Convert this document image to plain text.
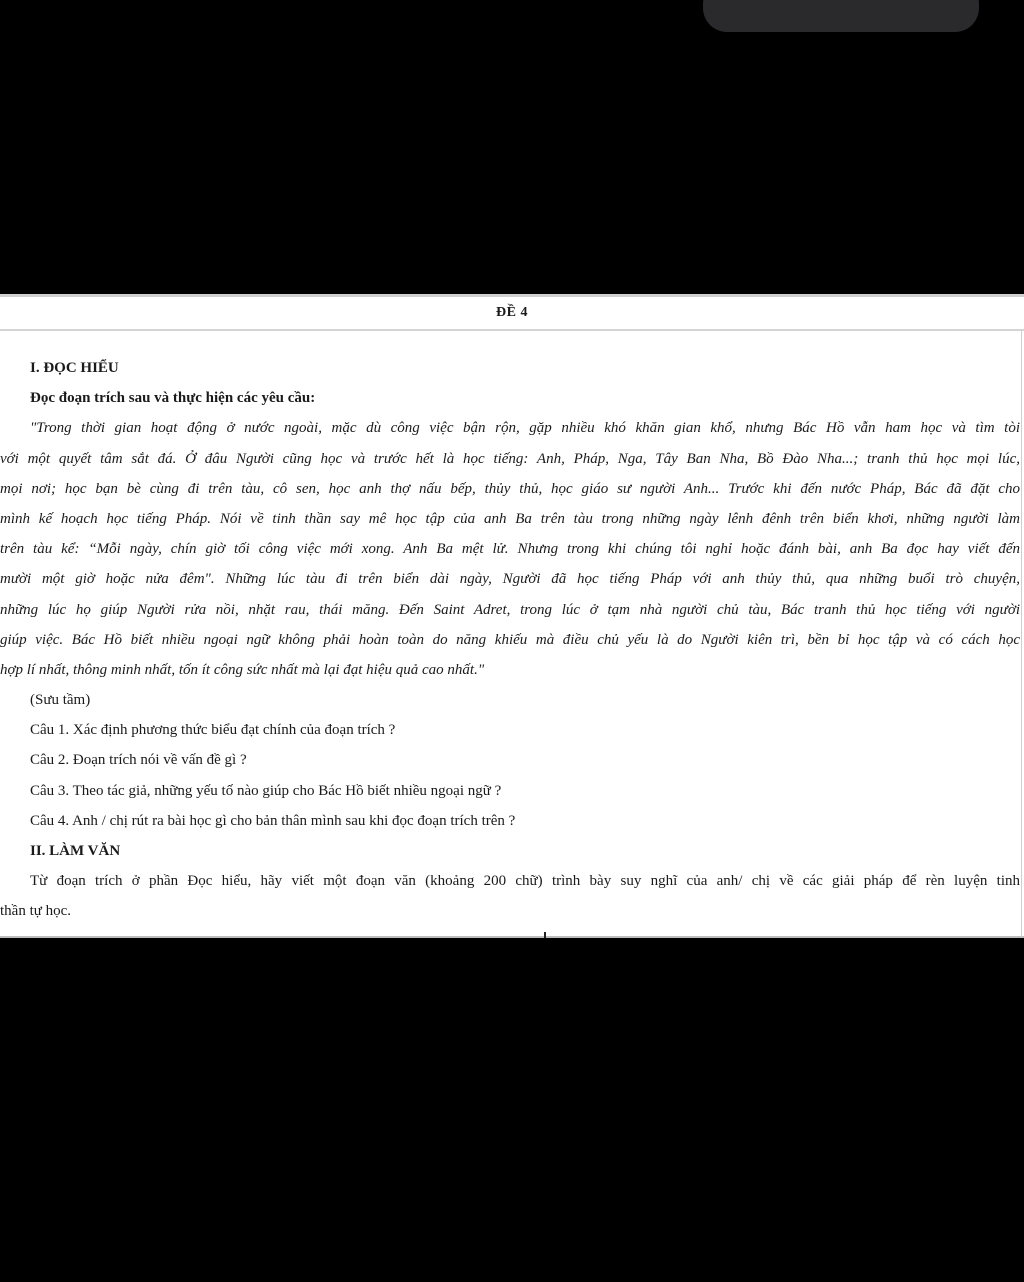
ĐỀ 4
I. ĐỌC HIỂU
Đọc đoạn trích sau và thực hiện các yêu cầu:
"Trong thời gian hoạt động ở nước ngoài, mặc dù công việc bận rộn, gặp nhiều khó khăn gian khổ, nhưng Bác Hồ vẫn ham học và tìm tòi
với một quyết tâm sắt đá. Ở đâu Người cũng học và trước hết là học tiếng: Anh, Pháp, Nga, Tây Ban Nha, Bồ Đào Nha...; tranh thủ học mọi lúc,
mọi nơi; học bạn bè cùng đi trên tàu, cô sen, học anh thợ nấu bếp, thủy thủ, học giáo sư người Anh... Trước khi đến nước Pháp, Bác đã đặt cho
mình kế hoạch học tiếng Pháp. Nói về tinh thần say mê học tập của anh Ba trên tàu trong những ngày lênh đênh trên biển khơi, những người làm
trên tàu kể: “Mỗi ngày, chín giờ tối công việc mới xong. Anh Ba mệt lử. Nhưng trong khi chúng tôi nghỉ hoặc đánh bài, anh Ba đọc hay viết đến
mười một giờ hoặc nửa đêm". Những lúc tàu đi trên biển dài ngày, Người đã học tiếng Pháp với anh thủy thủ, qua những buổi trò chuyện,
những lúc họ giúp Người rửa nồi, nhặt rau, thái măng. Đến Saint Adret, trong lúc ở tạm nhà người chủ tàu, Bác tranh thủ học tiếng với người
giúp việc. Bác Hồ biết nhiều ngoại ngữ không phải hoàn toàn do năng khiếu mà điều chủ yếu là do Người kiên trì, bền bỉ học tập và có cách học
hợp lí nhất, thông minh nhất, tốn ít công sức nhất mà lại đạt hiệu quả cao nhất."
(Sưu tầm)
Câu 1. Xác định phương thức biểu đạt chính của đoạn trích ?
Câu 2. Đoạn trích nói về vấn đề gì ?
Câu 3. Theo tác giả, những yếu tố nào giúp cho Bác Hồ biết nhiều ngoại ngữ ?
Câu 4. Anh / chị rút ra bài học gì cho bản thân mình sau khi đọc đoạn trích trên ?
II. LÀM VĂN
Từ đoạn trích ở phần Đọc hiểu, hãy viết một đoạn văn (khoảng 200 chữ) trình bày suy nghĩ của anh/ chị về các giải pháp để rèn luyện tinh
thần tự học.
